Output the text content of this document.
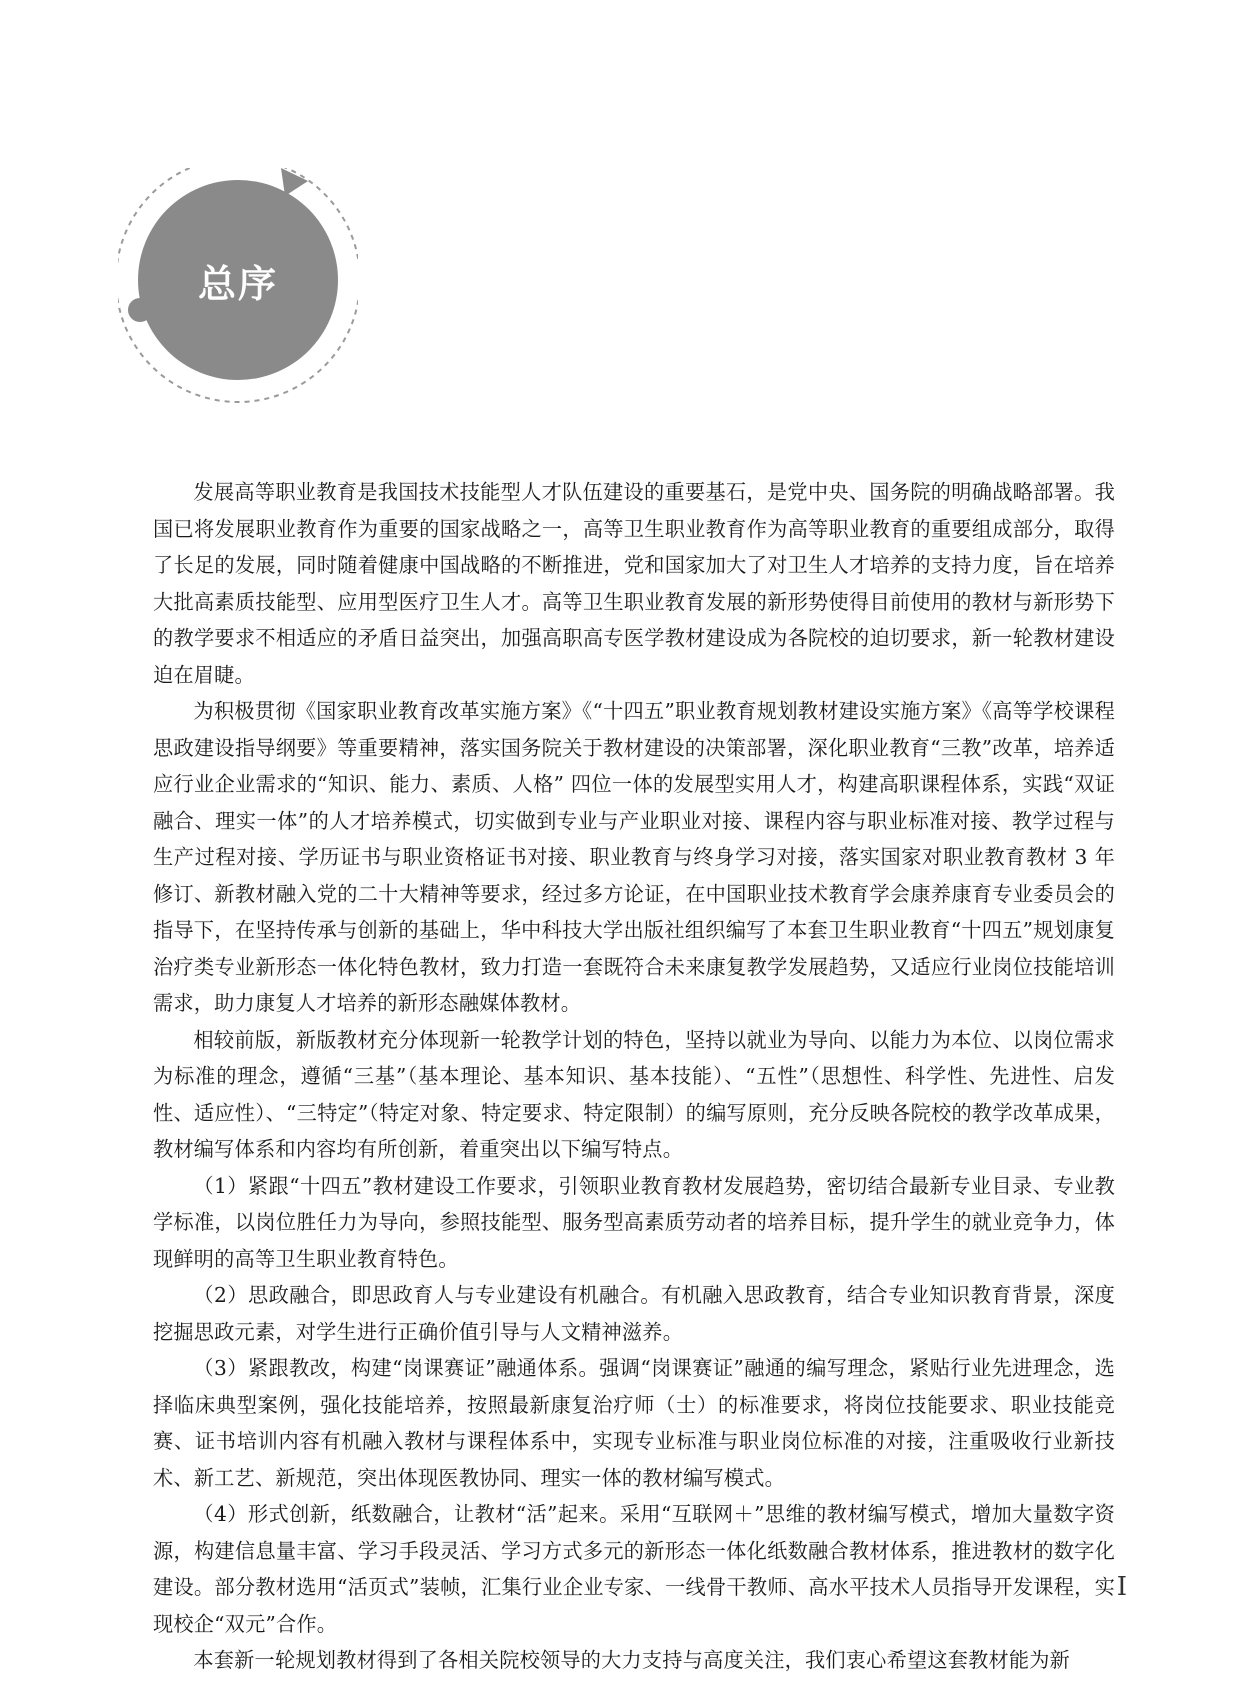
总序

发展高等职业教育是我国技术技能型人才队伍建设的重要基石，是党中央、国务院的明确战略部署。我国已将发展职业教育作为重要的国家战略之一，高等卫生职业教育作为高等职业教育的重要组成部分，取得了长足的发展，同时随着健康中国战略的不断推进，党和国家加大了对卫生人才培养的支持力度，旨在培养大批高素质技能型、应用型医疗卫生人才。高等卫生职业教育发展的新形势使得目前使用的教材与新形势下的教学要求不相适应的矛盾日益突出，加强高职高专医学教材建设成为各院校的迫切要求，新一轮教材建设迫在眉睫。

为积极贯彻《国家职业教育改革实施方案》《“十四五”职业教育规划教材建设实施方案》《高等学校课程思政建设指导纲要》等重要精神，落实国务院关于教材建设的决策部署，深化职业教育“三教”改革，培养适应行业企业需求的“知识、能力、素质、人格” 四位一体的发展型实用人才，构建高职课程体系，实践“双证融合、理实一体”的人才培养模式，切实做到专业与产业职业对接、课程内容与职业标准对接、教学过程与生产过程对接、学历证书与职业资格证书对接、职业教育与终身学习对接，落实国家对职业教育教材 3 年修订、新教材融入党的二十大精神等要求，经过多方论证，在中国职业技术教育学会康养康育专业委员会的指导下，在坚持传承与创新的基础上，华中科技大学出版社组织编写了本套卫生职业教育“十四五”规划康复治疗类专业新形态一体化特色教材，致力打造一套既符合未来康复教学发展趋势，又适应行业岗位技能培训需求，助力康复人才培养的新形态融媒体教材。

相较前版，新版教材充分体现新一轮教学计划的特色，坚持以就业为导向、以能力为本位、以岗位需求为标准的理念，遵循“三基”（基本理论、基本知识、基本技能）、“五性”（思想性、科学性、先进性、启发性、适应性）、“三特定”（特定对象、特定要求、特定限制）的编写原则，充分反映各院校的教学改革成果，教材编写体系和内容均有所创新，着重突出以下编写特点。

（1）紧跟“十四五”教材建设工作要求，引领职业教育教材发展趋势，密切结合最新专业目录、专业教学标准，以岗位胜任力为导向，参照技能型、服务型高素质劳动者的培养目标，提升学生的就业竞争力，体现鲜明的高等卫生职业教育特色。

（2）思政融合，即思政育人与专业建设有机融合。有机融入思政教育，结合专业知识教育背景，深度挖掘思政元素，对学生进行正确价值引导与人文精神滋养。

（3）紧跟教改，构建“岗课赛证”融通体系。强调“岗课赛证”融通的编写理念，紧贴行业先进理念，选择临床典型案例，强化技能培养，按照最新康复治疗师（士）的标准要求，将岗位技能要求、职业技能竞赛、证书培训内容有机融入教材与课程体系中，实现专业标准与职业岗位标准的对接，注重吸收行业新技术、新工艺、新规范，突出体现医教协同、理实一体的教材编写模式。

（4）形式创新，纸数融合，让教材“活”起来。采用“互联网＋”思维的教材编写模式，增加大量数字资源，构建信息量丰富、学习手段灵活、学习方式多元的新形态一体化纸数融合教材体系，推进教材的数字化建设。部分教材选用“活页式”装帧，汇集行业企业专家、一线骨干教师、高水平技术人员指导开发课程，实现校企“双元”合作。

本套新一轮规划教材得到了各相关院校领导的大力支持与高度关注，我们衷心希望这套教材能为新

I
